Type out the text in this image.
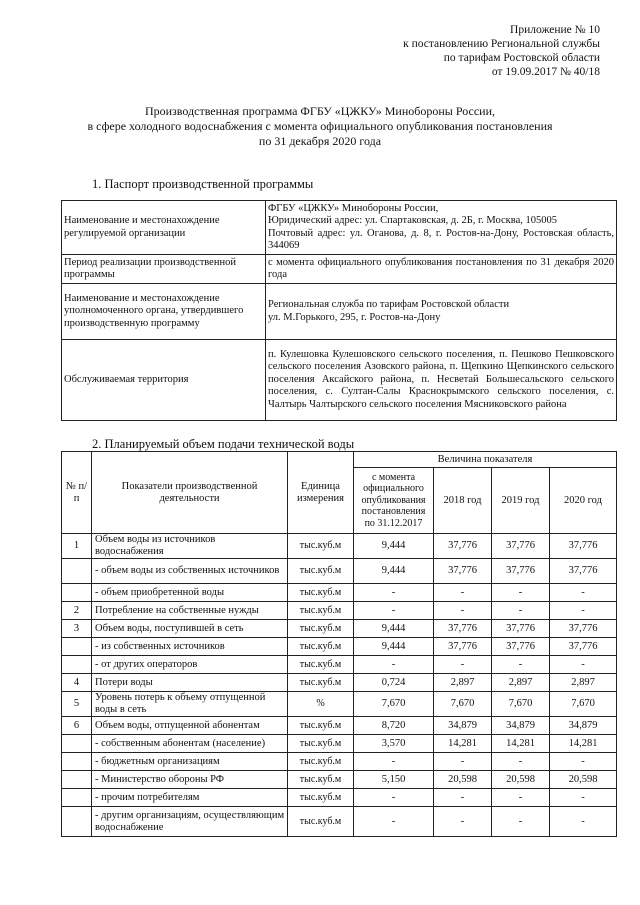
Приложение № 10
к постановлению Региональной службы
по тарифам Ростовской области
от 19.09.2017 № 40/18
Производственная программа ФГБУ «ЦЖКУ» Минобороны России,
в сфере холодного водоснабжения с момента официального опубликования постановления
по 31 декабря 2020 года
1. Паспорт производственной программы
Наименование и местонахождение регулируемой организации	ФГБУ «ЦЖКУ» Минобороны России,
Юридический адрес: ул. Спартаковская, д. 2Б, г. Москва, 105005
Почтовый адрес: ул. Оганова, д. 8, г. Ростов-на-Дону, Ростовская область, 344069

Период реализации производственной программы	с момента официального опубликования постановления по 31 декабря 2020 года

Наименование и местонахождение уполномоченного органа, утвердившего производственную программу	Региональная служба по тарифам Ростовской области
ул. М.Горького, 295, г. Ростов-на-Дону

Обслуживаемая территория	п. Кулешовка Кулешовского сельского поселения, п. Пешково Пешковского сельского поселения Азовского района, п. Щепкино Щепкинского сельского поселения Аксайского района, п. Несветай Большесальского сельского поселения, с. Султан-Салы Краснокрымского сельского поселения, с. Чалтырь Чалтырского сельского поселения Мясниковского района
2. Планируемый объем подачи технической воды
№ п/п	Показатели производственной деятельности	Единица измерения	Величина показателя			
			с момента официального опубликования постановления по 31.12.2017	2018 год	2019 год	2020 год
1	Объем воды из источников водоснабжения	тыс.куб.м	9,444	37,776	37,776	37,776
	- объем воды из собственных источников	тыс.куб.м	9,444	37,776	37,776	37,776
	- объем приобретенной воды	тыс.куб.м	-	-	-	-
2	Потребление на собственные нужды	тыс.куб.м	-	-	-	-
3	Объем воды, поступившей в сеть	тыс.куб.м	9,444	37,776	37,776	37,776
	- из собственных источников	тыс.куб.м	9,444	37,776	37,776	37,776
	- от других операторов	тыс.куб.м	-	-	-	-
4	Потери воды	тыс.куб.м	0,724	2,897	2,897	2,897
5	Уровень потерь к объему отпущенной воды в сеть	%	7,670	7,670	7,670	7,670
6	Объем воды, отпущенной абонентам	тыс.куб.м	8,720	34,879	34,879	34,879
	- собственным абонентам (население)	тыс.куб.м	3,570	14,281	14,281	14,281
	- бюджетным организациям	тыс.куб.м	-	-	-	-
	- Министерство обороны РФ	тыс.куб.м	5,150	20,598	20,598	20,598
	- прочим потребителям	тыс.куб.м	-	-	-	-
	- другим организациям, осуществляющим водоснабжение	тыс.куб.м	-	-	-	-
